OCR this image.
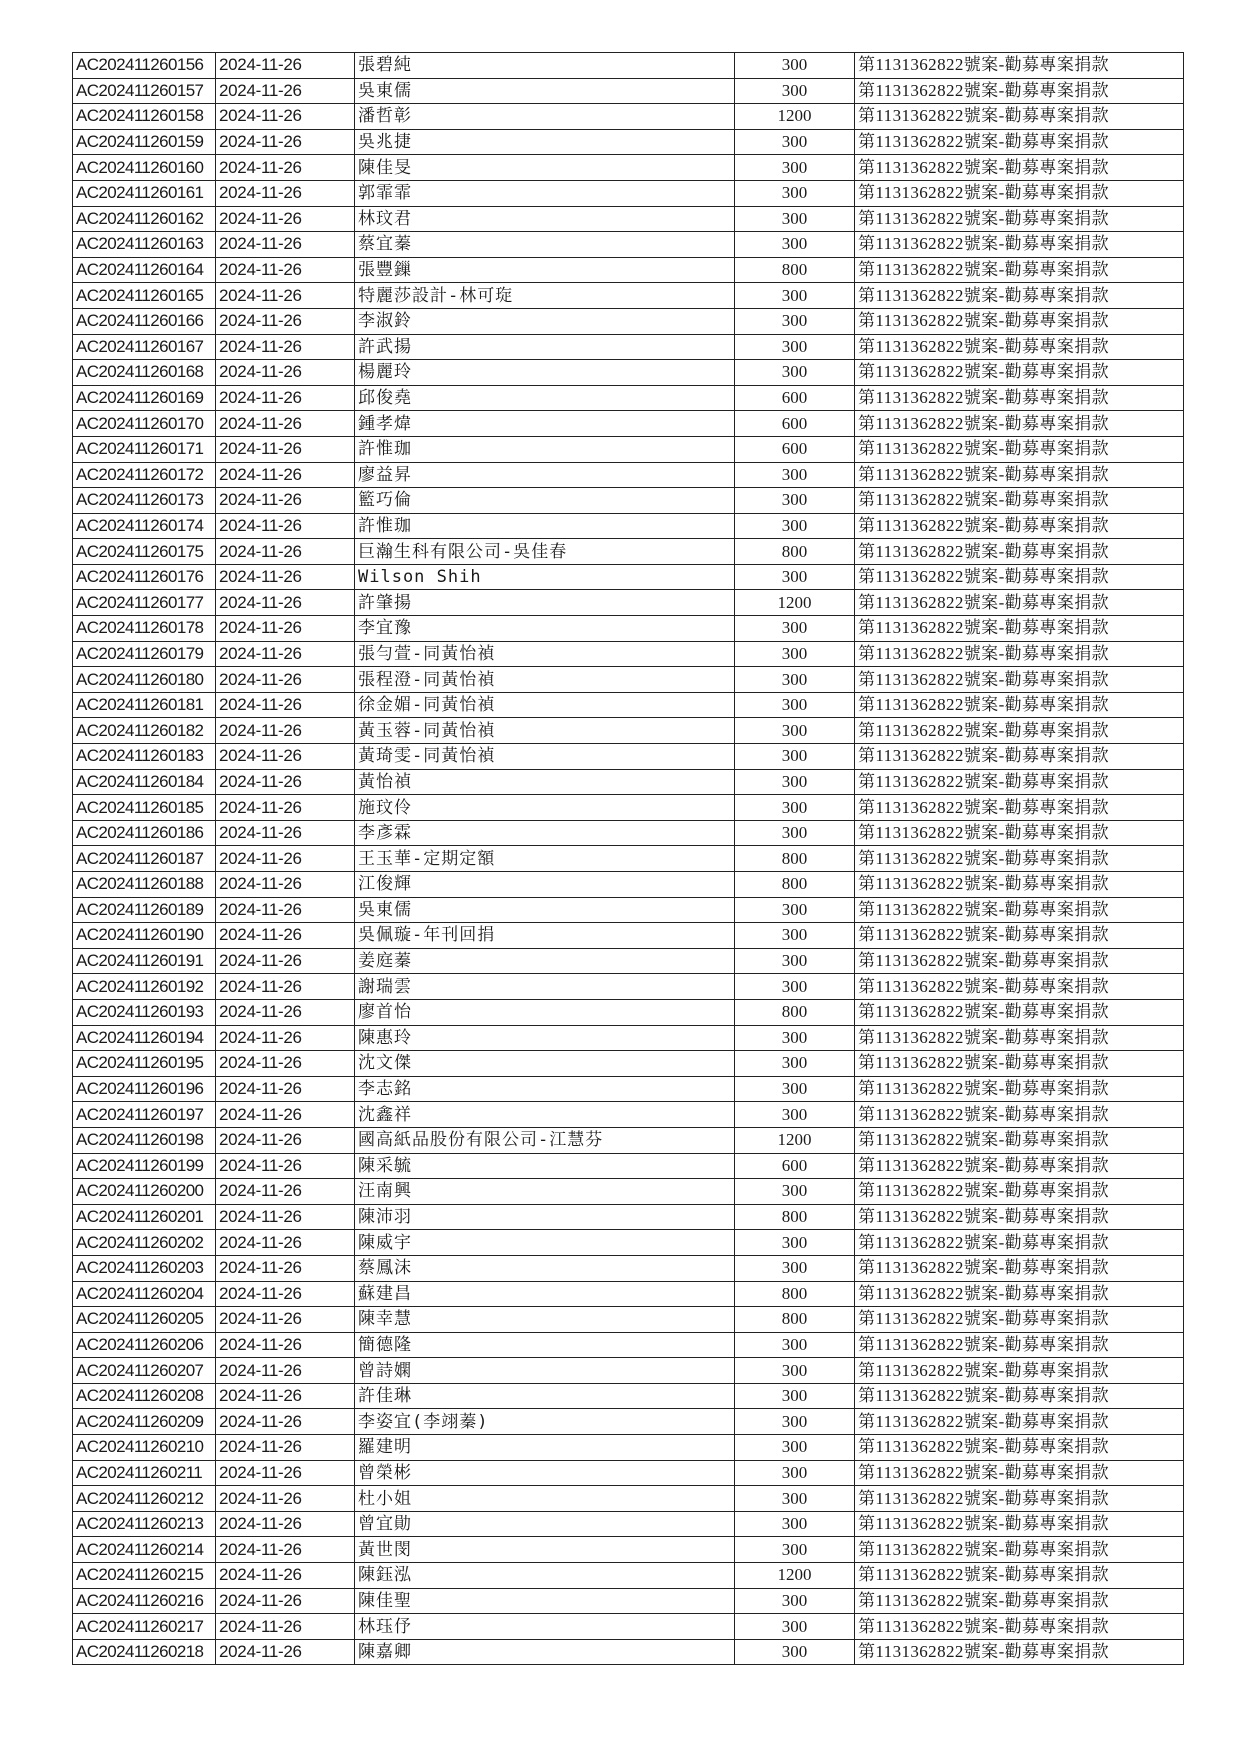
AC202411260156	2024-11-26	張碧純	300	第1131362822號案-勸募專案捐款
AC202411260157	2024-11-26	吳東儒	300	第1131362822號案-勸募專案捐款
AC202411260158	2024-11-26	潘哲彰	1200	第1131362822號案-勸募專案捐款
AC202411260159	2024-11-26	吳兆捷	300	第1131362822號案-勸募專案捐款
AC202411260160	2024-11-26	陳佳旻	300	第1131362822號案-勸募專案捐款
AC202411260161	2024-11-26	郭霏霏	300	第1131362822號案-勸募專案捐款
AC202411260162	2024-11-26	林玟君	300	第1131362822號案-勸募專案捐款
AC202411260163	2024-11-26	蔡宜蓁	300	第1131362822號案-勸募專案捐款
AC202411260164	2024-11-26	張豐鏁	800	第1131362822號案-勸募專案捐款
AC202411260165	2024-11-26	特麗莎設計-林可琁	300	第1131362822號案-勸募專案捐款
AC202411260166	2024-11-26	李淑鈴	300	第1131362822號案-勸募專案捐款
AC202411260167	2024-11-26	許武揚	300	第1131362822號案-勸募專案捐款
AC202411260168	2024-11-26	楊麗玲	300	第1131362822號案-勸募專案捐款
AC202411260169	2024-11-26	邱俊堯	600	第1131362822號案-勸募專案捐款
AC202411260170	2024-11-26	鍾孝煒	600	第1131362822號案-勸募專案捐款
AC202411260171	2024-11-26	許惟珈	600	第1131362822號案-勸募專案捐款
AC202411260172	2024-11-26	廖益昇	300	第1131362822號案-勸募專案捐款
AC202411260173	2024-11-26	籃巧倫	300	第1131362822號案-勸募專案捐款
AC202411260174	2024-11-26	許惟珈	300	第1131362822號案-勸募專案捐款
AC202411260175	2024-11-26	巨瀚生科有限公司-吳佳春	800	第1131362822號案-勸募專案捐款
AC202411260176	2024-11-26	Wilson Shih	300	第1131362822號案-勸募專案捐款
AC202411260177	2024-11-26	許肇揚	1200	第1131362822號案-勸募專案捐款
AC202411260178	2024-11-26	李宜豫	300	第1131362822號案-勸募專案捐款
AC202411260179	2024-11-26	張勻萱-同黃怡禎	300	第1131362822號案-勸募專案捐款
AC202411260180	2024-11-26	張程澄-同黃怡禎	300	第1131362822號案-勸募專案捐款
AC202411260181	2024-11-26	徐金媚-同黃怡禎	300	第1131362822號案-勸募專案捐款
AC202411260182	2024-11-26	黃玉蓉-同黃怡禎	300	第1131362822號案-勸募專案捐款
AC202411260183	2024-11-26	黃琦雯-同黃怡禎	300	第1131362822號案-勸募專案捐款
AC202411260184	2024-11-26	黃怡禎	300	第1131362822號案-勸募專案捐款
AC202411260185	2024-11-26	施玟伶	300	第1131362822號案-勸募專案捐款
AC202411260186	2024-11-26	李彥霖	300	第1131362822號案-勸募專案捐款
AC202411260187	2024-11-26	王玉華-定期定額	800	第1131362822號案-勸募專案捐款
AC202411260188	2024-11-26	江俊輝	800	第1131362822號案-勸募專案捐款
AC202411260189	2024-11-26	吳東儒	300	第1131362822號案-勸募專案捐款
AC202411260190	2024-11-26	吳佩璇-年刊回捐	300	第1131362822號案-勸募專案捐款
AC202411260191	2024-11-26	姜庭蓁	300	第1131362822號案-勸募專案捐款
AC202411260192	2024-11-26	謝瑞雲	300	第1131362822號案-勸募專案捐款
AC202411260193	2024-11-26	廖首怡	800	第1131362822號案-勸募專案捐款
AC202411260194	2024-11-26	陳惠玲	300	第1131362822號案-勸募專案捐款
AC202411260195	2024-11-26	沈文傑	300	第1131362822號案-勸募專案捐款
AC202411260196	2024-11-26	李志銘	300	第1131362822號案-勸募專案捐款
AC202411260197	2024-11-26	沈鑫祥	300	第1131362822號案-勸募專案捐款
AC202411260198	2024-11-26	國高紙品股份有限公司-江慧芬	1200	第1131362822號案-勸募專案捐款
AC202411260199	2024-11-26	陳采毓	600	第1131362822號案-勸募專案捐款
AC202411260200	2024-11-26	汪南興	300	第1131362822號案-勸募專案捐款
AC202411260201	2024-11-26	陳沛羽	800	第1131362822號案-勸募專案捐款
AC202411260202	2024-11-26	陳威宇	300	第1131362822號案-勸募專案捐款
AC202411260203	2024-11-26	蔡鳳沫	300	第1131362822號案-勸募專案捐款
AC202411260204	2024-11-26	蘇建昌	800	第1131362822號案-勸募專案捐款
AC202411260205	2024-11-26	陳幸慧	800	第1131362822號案-勸募專案捐款
AC202411260206	2024-11-26	簡德隆	300	第1131362822號案-勸募專案捐款
AC202411260207	2024-11-26	曾詩嫻	300	第1131362822號案-勸募專案捐款
AC202411260208	2024-11-26	許佳琳	300	第1131362822號案-勸募專案捐款
AC202411260209	2024-11-26	李姿宜(李翊蓁)	300	第1131362822號案-勸募專案捐款
AC202411260210	2024-11-26	羅建明	300	第1131362822號案-勸募專案捐款
AC202411260211	2024-11-26	曾榮彬	300	第1131362822號案-勸募專案捐款
AC202411260212	2024-11-26	杜小姐	300	第1131362822號案-勸募專案捐款
AC202411260213	2024-11-26	曾宜勛	300	第1131362822號案-勸募專案捐款
AC202411260214	2024-11-26	黃世閔	300	第1131362822號案-勸募專案捐款
AC202411260215	2024-11-26	陳鈺泓	1200	第1131362822號案-勸募專案捐款
AC202411260216	2024-11-26	陳佳聖	300	第1131362822號案-勸募專案捐款
AC202411260217	2024-11-26	林珏伃	300	第1131362822號案-勸募專案捐款
AC202411260218	2024-11-26	陳嘉卿	300	第1131362822號案-勸募專案捐款
